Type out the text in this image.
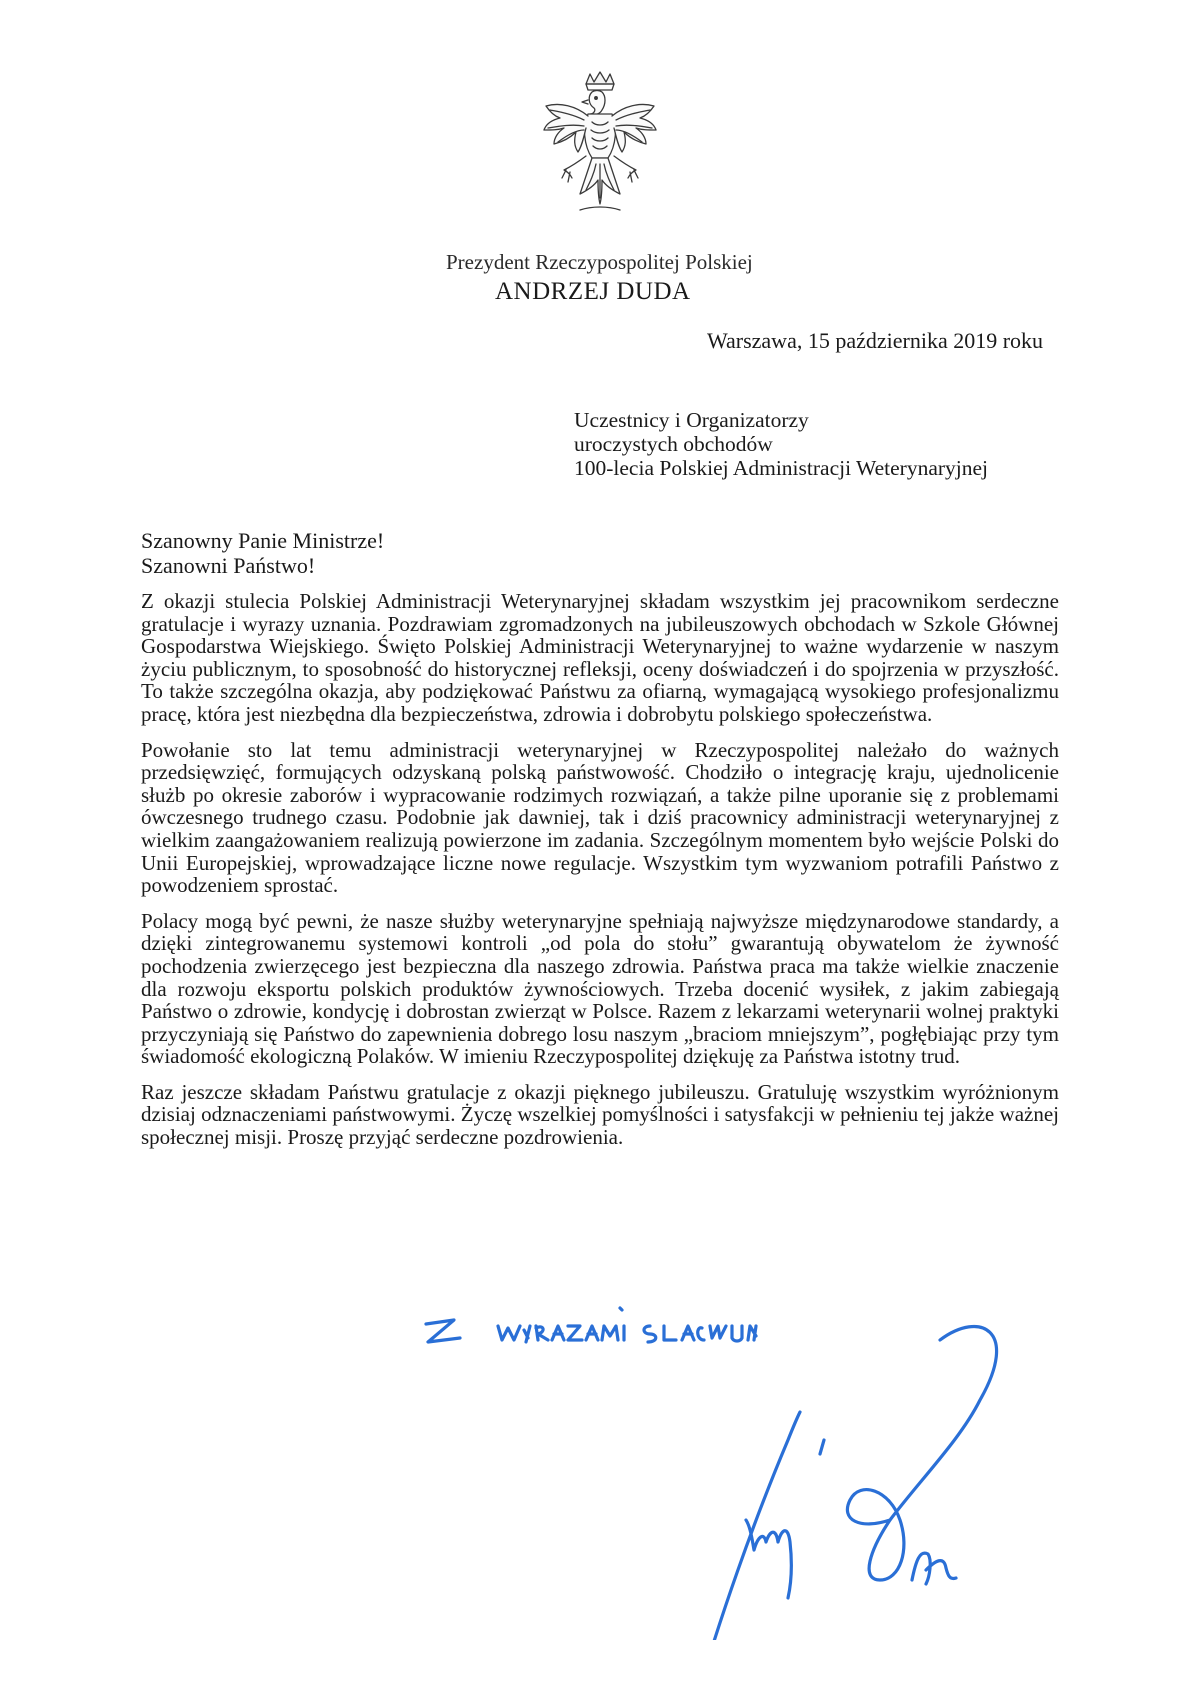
Prezydent Rzeczypospolitej Polskiej
ANDRZEJ DUDA
Warszawa, 15 października 2019 roku
Uczestnicy i Organizatorzy
uroczystych obchodów
100-lecia Polskiej Administracji Weterynaryjnej
Szanowny Panie Ministrze!
Szanowni Państwo!

Z okazji stulecia Polskiej Administracji Weterynaryjnej składam wszystkim jej pracownikom serdeczne gratulacje i wyrazy uznania. Pozdrawiam zgromadzonych na jubileuszowych obchodach w Szkole Głównej Gospodarstwa Wiejskiego. Święto Polskiej Administracji Weterynaryjnej to ważne wydarzenie w naszym życiu publicznym, to sposobność do historycznej refleksji, oceny doświadczeń i do spojrzenia w przyszłość. To także szczególna okazja, aby podziękować Państwu za ofiarną, wymagającą wysokiego profesjonalizmu pracę, która jest niezbędna dla bezpieczeństwa, zdrowia i dobrobytu polskiego społeczeństwa.

Powołanie sto lat temu administracji weterynaryjnej w Rzeczypospolitej należało do ważnych przedsięwzięć, formujących odzyskaną polską państwowość. Chodziło o integrację kraju, ujednolicenie służb po okresie zaborów i wypracowanie rodzimych rozwiązań, a także pilne uporanie się z problemami ówczesnego trudnego czasu. Podobnie jak dawniej, tak i dziś pracownicy administracji weterynaryjnej z wielkim zaangażowaniem realizują powierzone im zadania. Szczególnym momentem było wejście Polski do Unii Europejskiej, wprowadzające liczne nowe regulacje. Wszystkim tym wyzwaniom potrafili Państwo z powodzeniem sprostać.

Polacy mogą być pewni, że nasze służby weterynaryjne spełniają najwyższe międzynarodowe standardy, a dzięki zintegrowanemu systemowi kontroli „od pola do stołu” gwarantują obywatelom że żywność pochodzenia zwierzęcego jest bezpieczna dla naszego zdrowia. Państwa praca ma także wielkie znaczenie dla rozwoju eksportu polskich produktów żywnościowych. Trzeba docenić wysiłek, z jakim zabiegają Państwo o zdrowie, kondycję i dobrostan zwierząt w Polsce. Razem z lekarzami weterynarii wolnej praktyki przyczyniają się Państwo do zapewnienia dobrego losu naszym „braciom mniejszym”, pogłębiając przy tym świadomość ekologiczną Polaków. W imieniu Rzeczypospolitej dziękuję za Państwa istotny trud.

Raz jeszcze składam Państwu gratulacje z okazji pięknego jubileuszu. Gratuluję wszystkim wyróżnionym dzisiaj odznaczeniami państwowymi. Życzę wszelkiej pomyślności i satysfakcji w pełnieniu tej jakże ważnej społecznej misji. Proszę przyjąć serdeczne pozdrowienia.
